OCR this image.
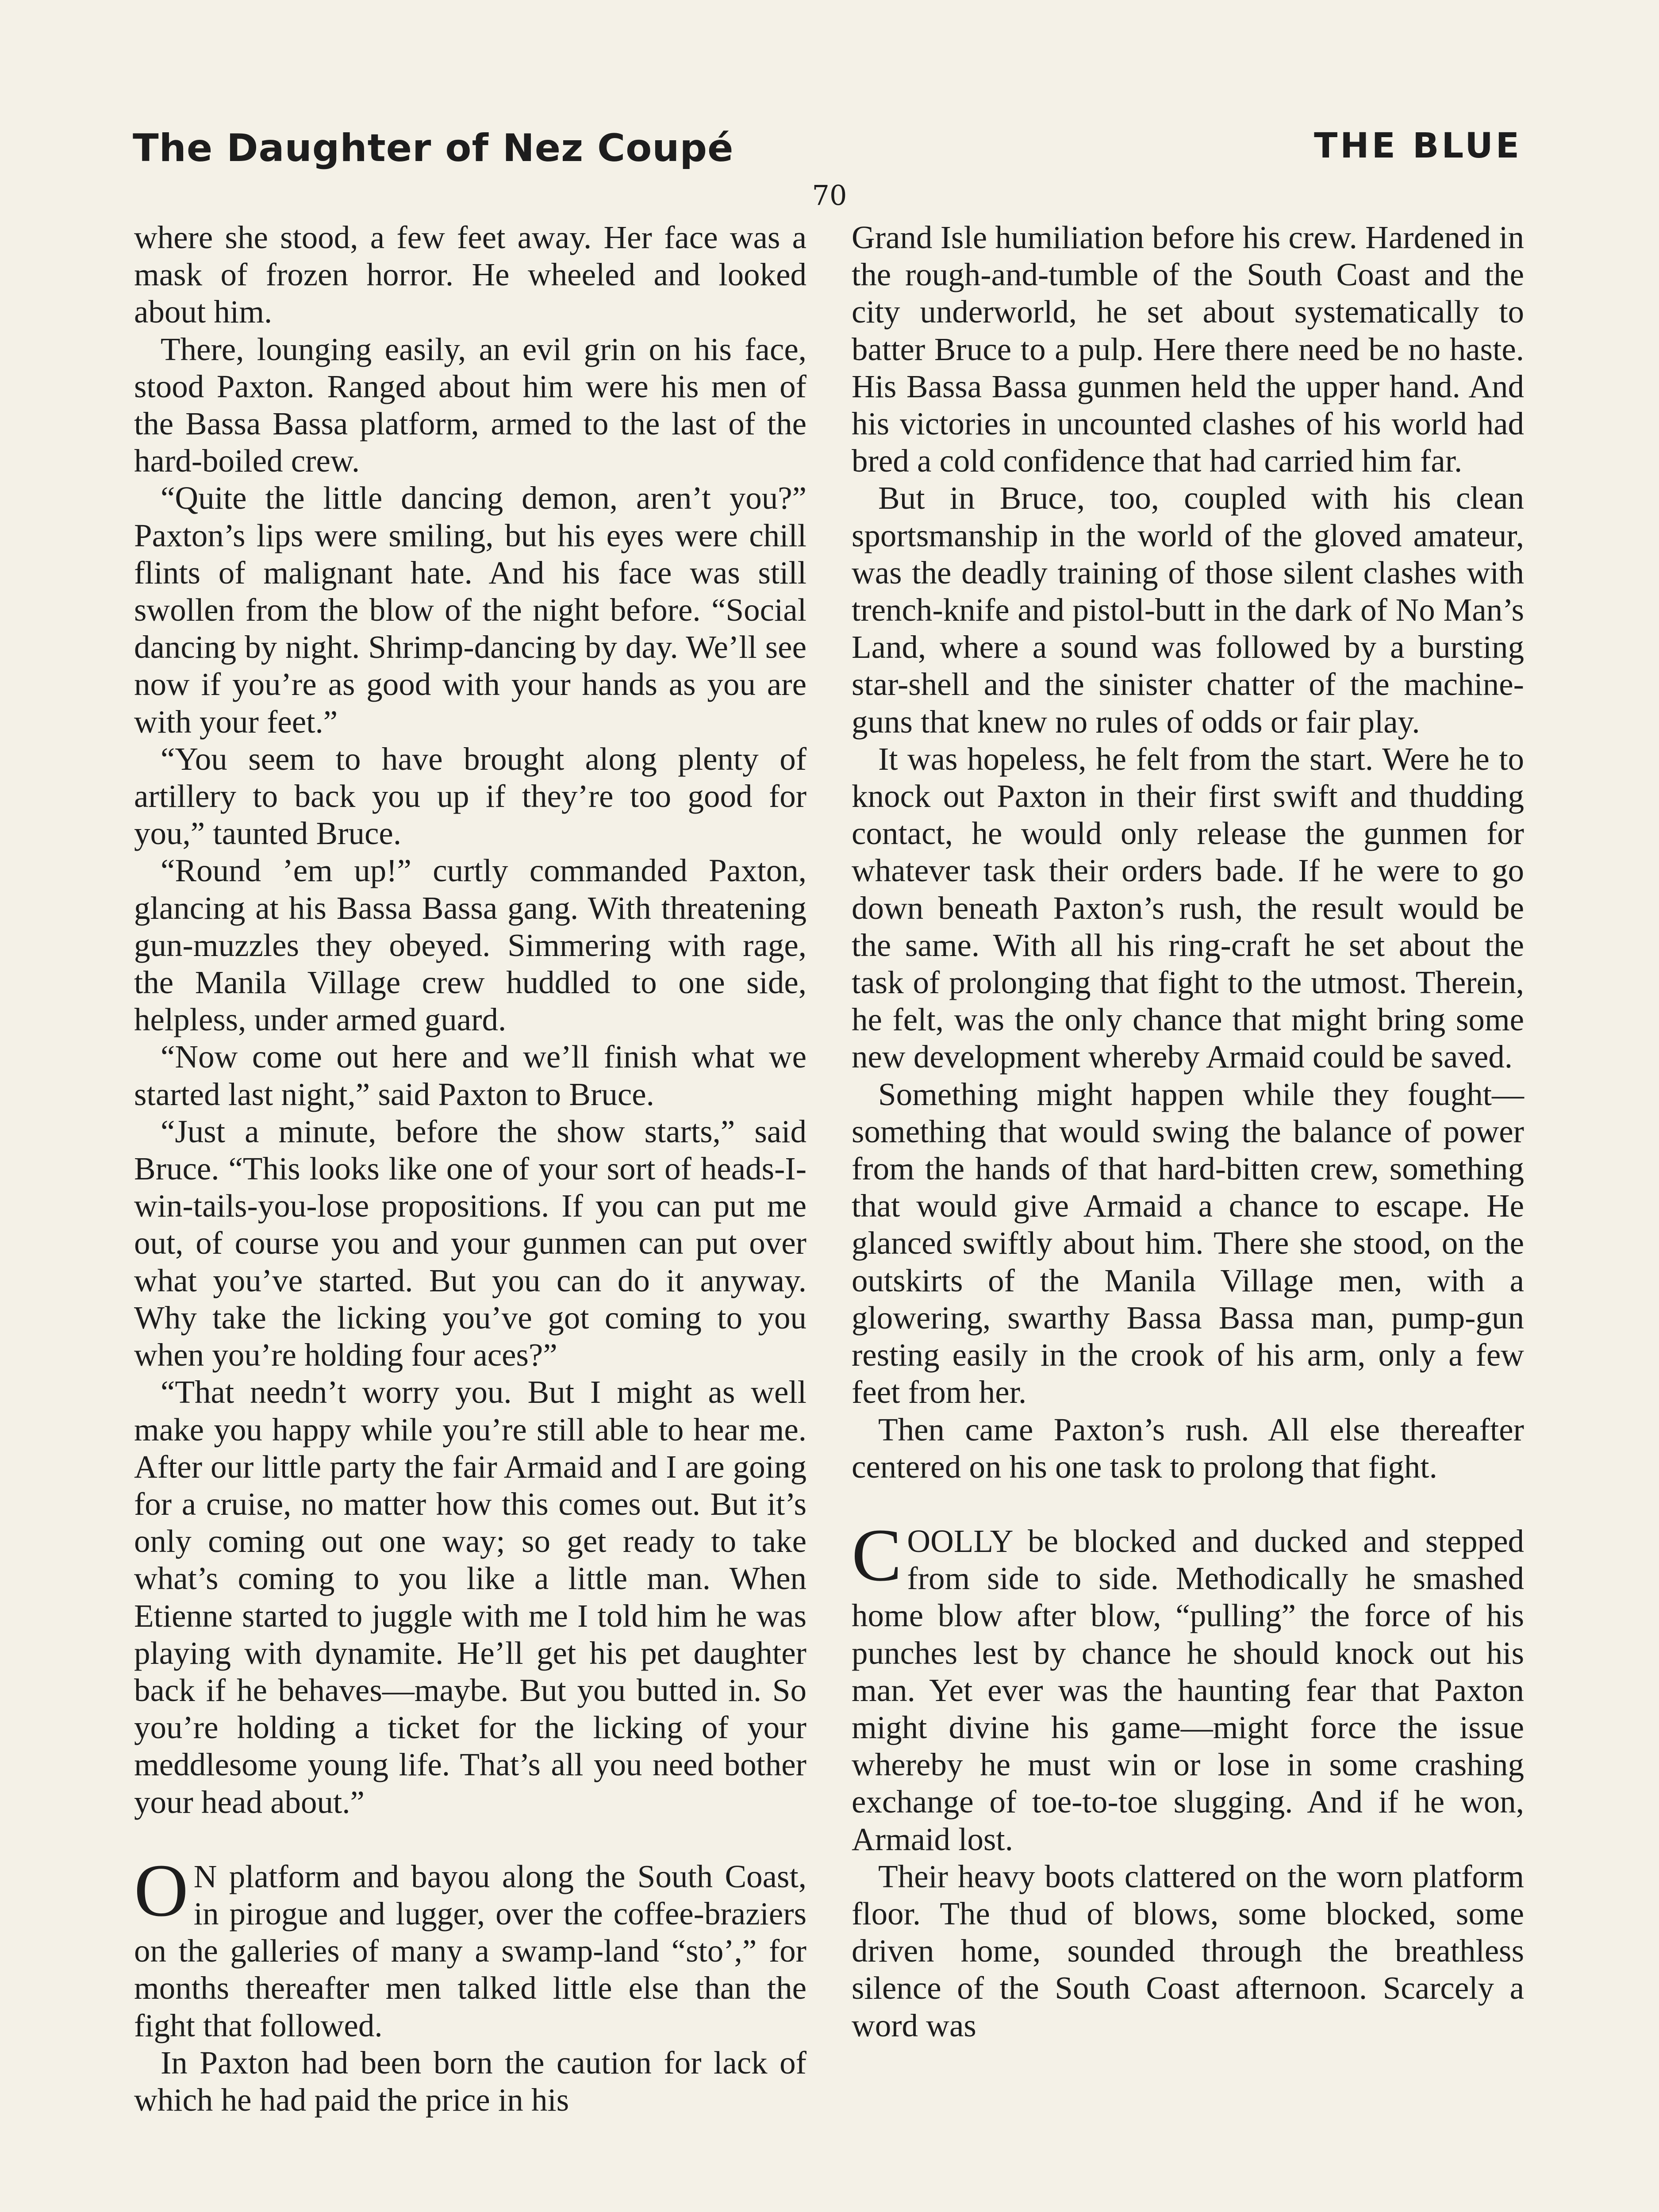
The Daughter of Nez Coupé	THE BLUE
70

where she stood, a few feet away. Her face was a mask of frozen horror. He wheeled and looked about him.

There, lounging easily, an evil grin on his face, stood Paxton. Ranged about him were his men of the Bassa Bassa platform, armed to the last of the hard-boiled crew.

“Quite the little dancing demon, aren’t you?” Paxton’s lips were smiling, but his eyes were chill flints of malignant hate. And his face was still swollen from the blow of the night before. “Social dancing by night. Shrimp-dancing by day. We’ll see now if you’re as good with your hands as you are with your feet.”

“You seem to have brought along plenty of artillery to back you up if they’re too good for you,” taunted Bruce.

“Round ’em up!” curtly commanded Paxton, glancing at his Bassa Bassa gang. With threatening gun-muzzles they obeyed. Simmering with rage, the Manila Village crew huddled to one side, helpless, under armed guard.

“Now come out here and we’ll finish what we started last night,” said Paxton to Bruce.

“Just a minute, before the show starts,” said Bruce. “This looks like one of your sort of heads-I-win-tails-you-lose propositions. If you can put me out, of course you and your gunmen can put over what you’ve started. But you can do it anyway. Why take the licking you’ve got coming to you when you’re holding four aces?”

“That needn’t worry you. But I might as well make you happy while you’re still able to hear me. After our little party the fair Armaid and I are going for a cruise, no matter how this comes out. But it’s only coming out one way; so get ready to take what’s coming to you like a little man. When Etienne started to juggle with me I told him he was playing with dynamite. He’ll get his pet daughter back if he behaves—maybe. But you butted in. So you’re holding a ticket for the licking of your meddlesome young life. That’s all you need bother your head about.”

O N platform and bayou along the South Coast, in pirogue and lugger, over the coffee-braziers on the galleries of many a swamp-land “sto’,” for months thereafter men talked little else than the fight that followed.

In Paxton had been born the caution for lack of which he had paid the price in his

Grand Isle humiliation before his crew. Hardened in the rough-and-tumble of the South Coast and the city underworld, he set about systematically to batter Bruce to a pulp. Here there need be no haste. His Bassa Bassa gunmen held the upper hand. And his victories in uncounted clashes of his world had bred a cold confidence that had carried him far.

But in Bruce, too, coupled with his clean sportsmanship in the world of the gloved amateur, was the deadly training of those silent clashes with trench-knife and pistol-butt in the dark of No Man’s Land, where a sound was followed by a bursting star-shell and the sinister chatter of the machine-guns that knew no rules of odds or fair play.

It was hopeless, he felt from the start. Were he to knock out Paxton in their first swift and thudding contact, he would only release the gunmen for whatever task their orders bade. If he were to go down beneath Paxton’s rush, the result would be the same. With all his ring-craft he set about the task of prolonging that fight to the utmost. Therein, he felt, was the only chance that might bring some new development whereby Armaid could be saved.

Something might happen while they fought—something that would swing the balance of power from the hands of that hard-bitten crew, something that would give Armaid a chance to escape. He glanced swiftly about him. There she stood, on the outskirts of the Manila Village men, with a glowering, swarthy Bassa Bassa man, pump-gun resting easily in the crook of his arm, only a few feet from her.

Then came Paxton’s rush. All else thereafter centered on his one task to prolong that fight.

COOLLY be blocked and ducked and stepped from side to side. Methodically he smashed home blow after blow, “pulling” the force of his punches lest by chance he should knock out his man. Yet ever was the haunting fear that Paxton might divine his game—might force the issue whereby he must win or lose in some crashing exchange of toe-to-toe slugging. And if he won, Armaid lost.

Their heavy boots clattered on the worn platform floor. The thud of blows, some blocked, some driven home, sounded through the breathless silence of the South Coast afternoon. Scarcely a word was
